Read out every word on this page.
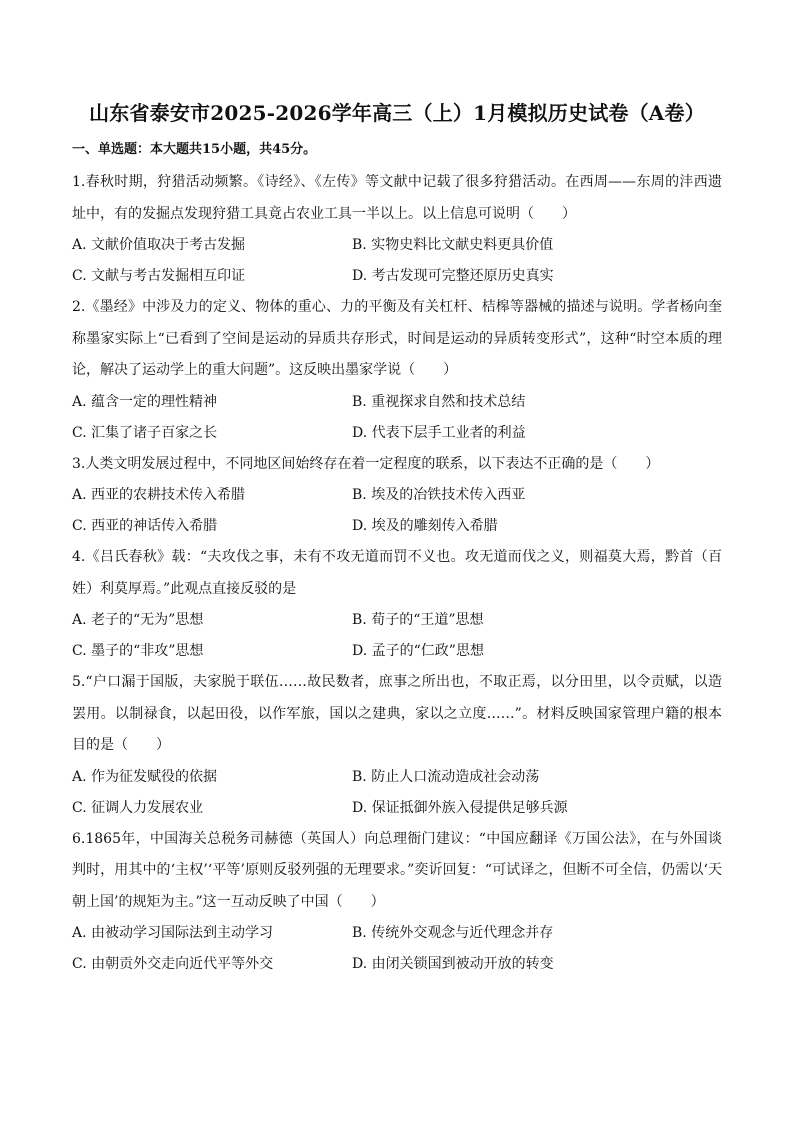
山东省泰安市2025-2026学年高三（上）1月模拟历史试卷（A卷）
一、单选题：本大题共15小题，共45分。

1.春秋时期，狩猎活动频繁。《诗经》、《左传》等文献中记载了很多狩猎活动。在西周——东周的沣西遗址中，有的发掘点发现狩猎工具竟占农业工具一半以上。以上信息可说明（　　）

A. 文献价值取决于考古发掘	B. 实物史料比文献史料更具价值
C. 文献与考古发掘相互印证	D. 考古发现可完整还原历史真实

2.《墨经》中涉及力的定义、物体的重心、力的平衡及有关杠杆、桔槔等器械的描述与说明。学者杨向奎称墨家实际上“已看到了空间是运动的异质共存形式，时间是运动的异质转变形式”，这种“时空本质的理论，解决了运动学上的重大问题”。这反映出墨家学说（　　）

A. 蕴含一定的理性精神	B. 重视探求自然和技术总结
C. 汇集了诸子百家之长	D. 代表下层手工业者的利益

3.人类文明发展过程中，不同地区间始终存在着一定程度的联系，以下表达不正确的是（　　）

A. 西亚的农耕技术传入希腊	B. 埃及的冶铁技术传入西亚
C. 西亚的神话传入希腊	D. 埃及的雕刻传入希腊

4.《吕氏春秋》载：“夫攻伐之事，未有不攻无道而罚不义也。攻无道而伐之义，则福莫大焉，黔首（百姓）利莫厚焉。”此观点直接反驳的是

A. 老子的“无为”思想	B. 荀子的“王道”思想
C. 墨子的“非攻”思想	D. 孟子的“仁政”思想

5.“户口漏于国版，夫家脱于联伍……故民数者，庶事之所出也，不取正焉，以分田里，以令贡赋，以造罢用。以制禄食，以起田役，以作军旅，国以之建典，家以之立度……”。材料反映国家管理户籍的根本目的是（　　）

A. 作为征发赋役的依据	B. 防止人口流动造成社会动荡
C. 征调人力发展农业	D. 保证抵御外族入侵提供足够兵源

6.1865年，中国海关总税务司赫德（英国人）向总理衙门建议：“中国应翻译《万国公法》，在与外国谈判时，用其中的‘主权’‘平等’原则反驳列强的无理要求。”奕䜣回复：“可试译之，但断不可全信，仍需以‘天朝上国’的规矩为主。”这一互动反映了中国（　　）

A. 由被动学习国际法到主动学习	B. 传统外交观念与近代理念并存
C. 由朝贡外交走向近代平等外交	D. 由闭关锁国到被动开放的转变
